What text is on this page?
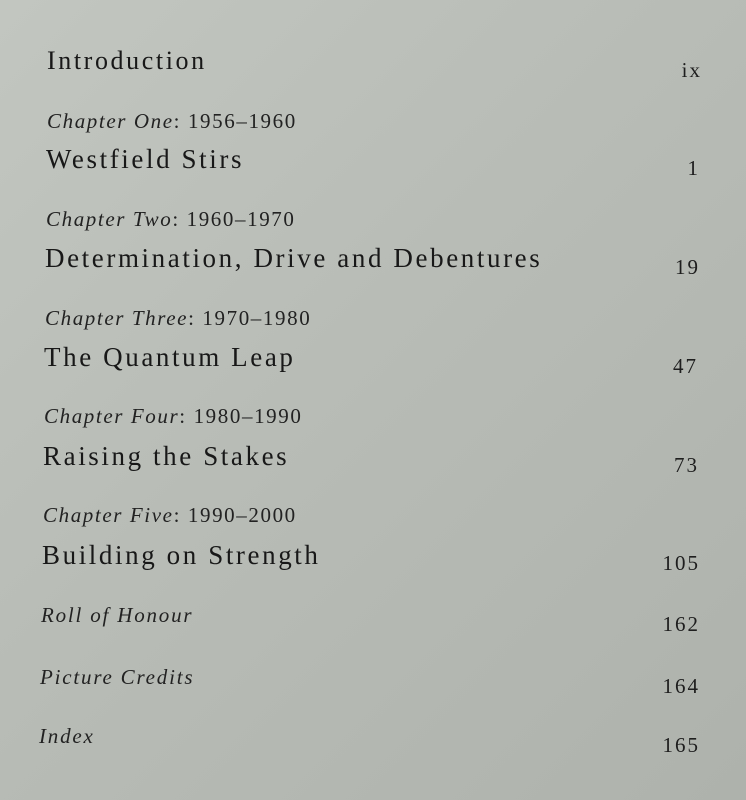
Introduction	ix
Chapter One: 1956–1960
Westfield Stirs	1
Chapter Two: 1960–1970
Determination, Drive and Debentures	19
Chapter Three: 1970–1980
The Quantum Leap	47
Chapter Four: 1980–1990
Raising the Stakes	73
Chapter Five: 1990–2000
Building on Strength	105
Roll of Honour	162
Picture Credits	164
Index	165
